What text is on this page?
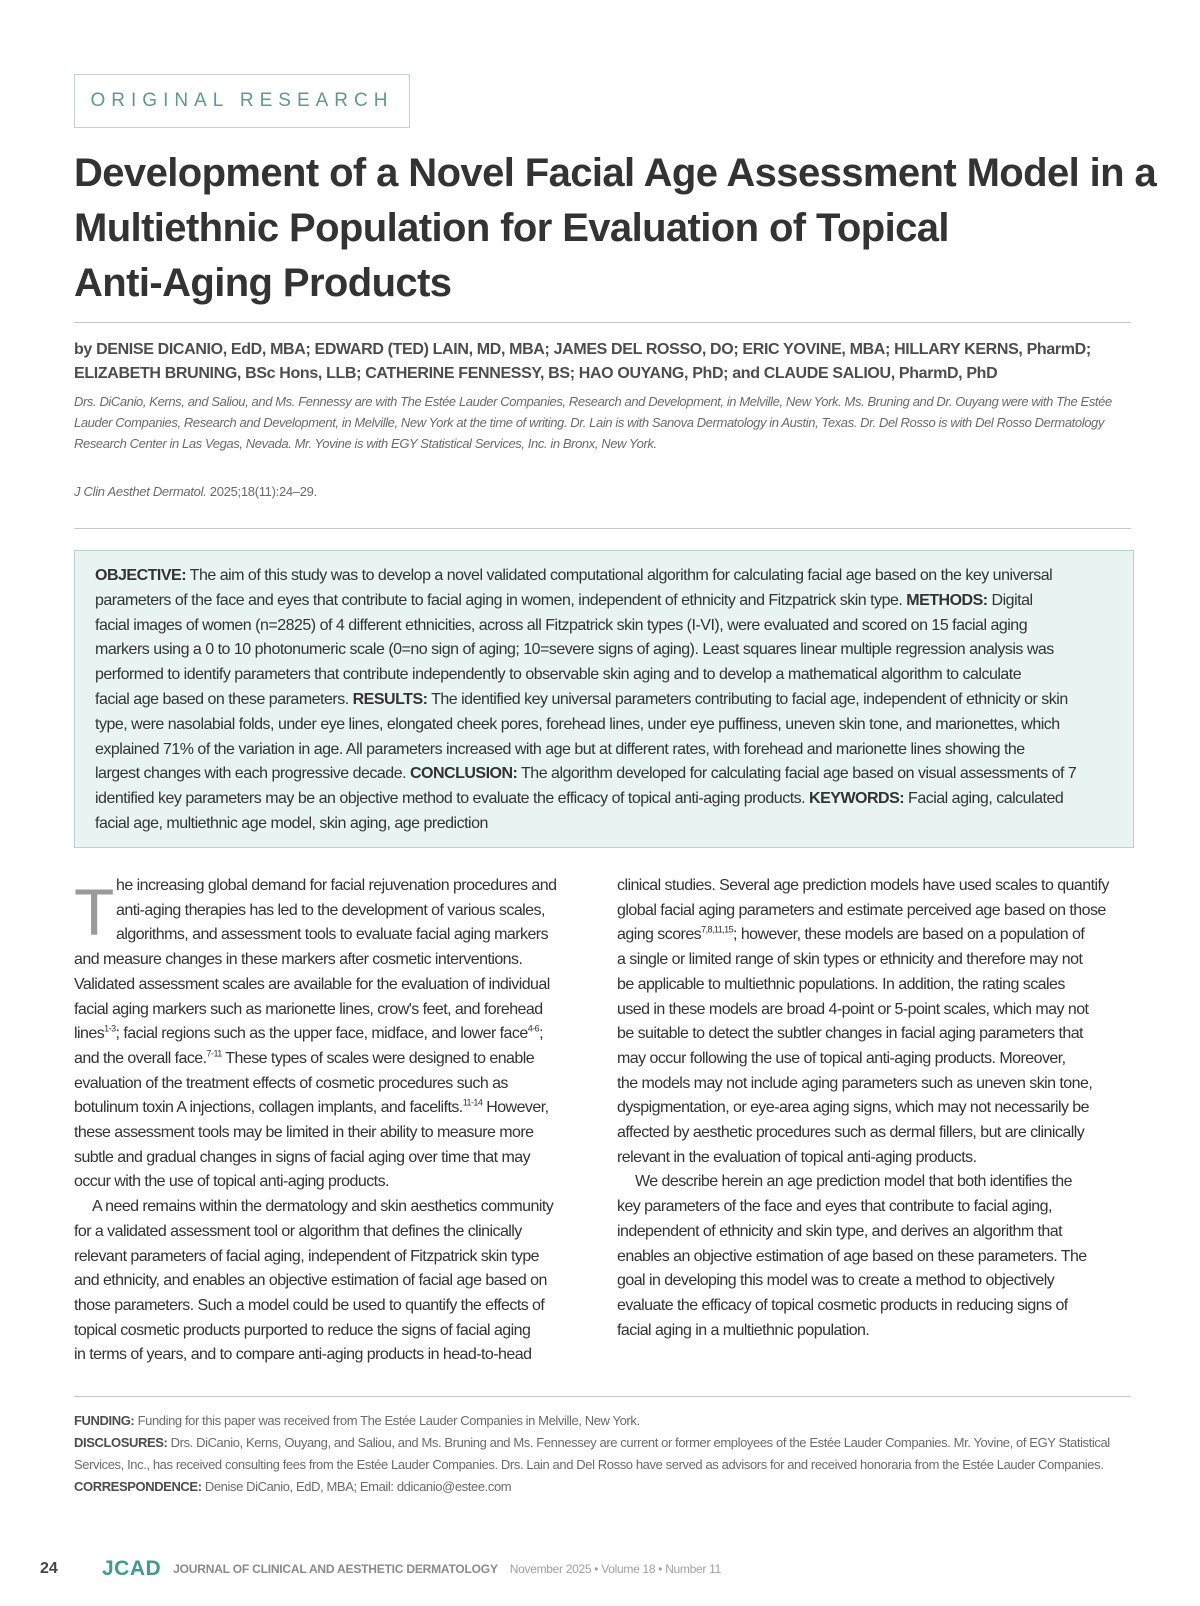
ORIGINAL RESEARCH
Development of a Novel Facial Age Assessment Model in a
Multiethnic Population for Evaluation of Topical
Anti-Aging Products
by DENISE DICANIO, EdD, MBA; EDWARD (TED) LAIN, MD, MBA; JAMES DEL ROSSO, DO; ERIC YOVINE, MBA; HILLARY KERNS, PharmD;
ELIZABETH BRUNING, BSc Hons, LLB; CATHERINE FENNESSY, BS; HAO OUYANG, PhD; and CLAUDE SALIOU, PharmD, PhD
Drs. DiCanio, Kerns, and Saliou, and Ms. Fennessy are with The Estée Lauder Companies, Research and Development, in Melville, New York. Ms. Bruning and Dr. Ouyang were with The Estée
Lauder Companies, Research and Development, in Melville, New York at the time of writing. Dr. Lain is with Sanova Dermatology in Austin, Texas. Dr. Del Rosso is with Del Rosso Dermatology
Research Center in Las Vegas, Nevada. Mr. Yovine is with EGY Statistical Services, Inc. in Bronx, New York.
J Clin Aesthet Dermatol. 2025;18(11):24–29.
OBJECTIVE: The aim of this study was to develop a novel validated computational algorithm for calculating facial age based on the key universal
parameters of the face and eyes that contribute to facial aging in women, independent of ethnicity and Fitzpatrick skin type. METHODS: Digital
facial images of women (n=2825) of 4 different ethnicities, across all Fitzpatrick skin types (I-VI), were evaluated and scored on 15 facial aging
markers using a 0 to 10 photonumeric scale (0=no sign of aging; 10=severe signs of aging). Least squares linear multiple regression analysis was
performed to identify parameters that contribute independently to observable skin aging and to develop a mathematical algorithm to calculate
facial age based on these parameters. RESULTS: The identified key universal parameters contributing to facial age, independent of ethnicity or skin
type, were nasolabial folds, under eye lines, elongated cheek pores, forehead lines, under eye puffiness, uneven skin tone, and marionettes, which
explained 71% of the variation in age. All parameters increased with age but at different rates, with forehead and marionette lines showing the
largest changes with each progressive decade. CONCLUSION: The algorithm developed for calculating facial age based on visual assessments of 7
identified key parameters may be an objective method to evaluate the efficacy of topical anti-aging products. KEYWORDS: Facial aging, calculated
facial age, multiethnic age model, skin aging, age prediction
T he increasing global demand for facial rejuvenation procedures and
anti-aging therapies has led to the development of various scales,
algorithms, and assessment tools to evaluate facial aging markers
and measure changes in these markers after cosmetic interventions.
Validated assessment scales are available for the evaluation of individual
facial aging markers such as marionette lines, crow's feet, and forehead
lines$^{1-3}$; facial regions such as the upper face, midface, and lower face$^{4-6}$;
and the overall face.$^{7-11}$ These types of scales were designed to enable
evaluation of the treatment effects of cosmetic procedures such as
botulinum toxin A injections, collagen implants, and facelifts.$^{11-14}$ However,
these assessment tools may be limited in their ability to measure more
subtle and gradual changes in signs of facial aging over time that may
occur with the use of topical anti-aging products.
A need remains within the dermatology and skin aesthetics community
for a validated assessment tool or algorithm that defines the clinically
relevant parameters of facial aging, independent of Fitzpatrick skin type
and ethnicity, and enables an objective estimation of facial age based on
those parameters. Such a model could be used to quantify the effects of
topical cosmetic products purported to reduce the signs of facial aging
in terms of years, and to compare anti-aging products in head-to-head
clinical studies. Several age prediction models have used scales to quantify
global facial aging parameters and estimate perceived age based on those
aging scores$^{7,8,11,15}$; however, these models are based on a population of
a single or limited range of skin types or ethnicity and therefore may not
be applicable to multiethnic populations. In addition, the rating scales
used in these models are broad 4-point or 5-point scales, which may not
be suitable to detect the subtler changes in facial aging parameters that
may occur following the use of topical anti-aging products. Moreover,
the models may not include aging parameters such as uneven skin tone,
dyspigmentation, or eye-area aging signs, which may not necessarily be
affected by aesthetic procedures such as dermal fillers, but are clinically
relevant in the evaluation of topical anti-aging products.
We describe herein an age prediction model that both identifies the
key parameters of the face and eyes that contribute to facial aging,
independent of ethnicity and skin type, and derives an algorithm that
enables an objective estimation of age based on these parameters. The
goal in developing this model was to create a method to objectively
evaluate the efficacy of topical cosmetic products in reducing signs of
facial aging in a multiethnic population.
FUNDING: Funding for this paper was received from The Estée Lauder Companies in Melville, New York.
DISCLOSURES: Drs. DiCanio, Kerns, Ouyang, and Saliou, and Ms. Bruning and Ms. Fennessey are current or former employees of the Estée Lauder Companies. Mr. Yovine, of EGY Statistical
Services, Inc., has received consulting fees from the Estée Lauder Companies. Drs. Lain and Del Rosso have served as advisors for and received honoraria from the Estée Lauder Companies.
CORRESPONDENCE: Denise DiCanio, EdD, MBA; Email: ddicanio@estee.com
24	JCAD JOURNAL OF CLINICAL AND AESTHETIC DERMATOLOGY November 2025 • Volume 18 • Number 11
